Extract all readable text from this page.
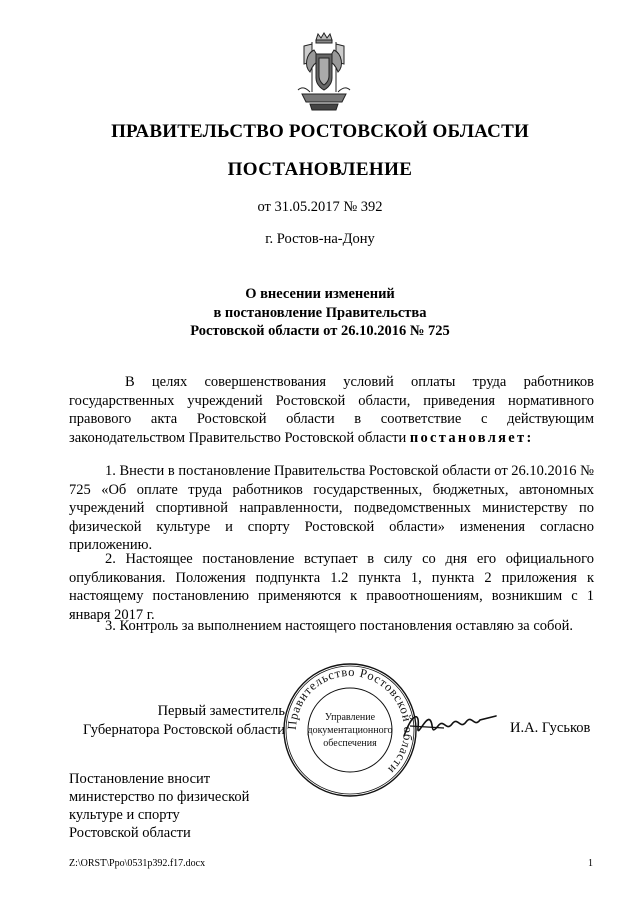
ПРАВИТЕЛЬСТВО РОСТОВСКОЙ ОБЛАСТИ
ПОСТАНОВЛЕНИЕ
от 31.05.2017 № 392
г. Ростов-на-Дону
О внесении изменений
в постановление Правительства
Ростовской области от 26.10.2016 № 725
В целях совершенствования условий оплаты труда работников государственных учреждений Ростовской области, приведения нормативного правового акта Ростовской области в соответствие с действующим законодательством Правительство Ростовской области постановляет:
1. Внести в постановление Правительства Ростовской области от 26.10.2016 № 725 «Об оплате труда работников государственных, бюджетных, автономных учреждений спортивной направленности, подведомственных министерству по физической культуре и спорту Ростовской области» изменения согласно приложению.
2. Настоящее постановление вступает в силу со дня его официального опубликования. Положения подпункта 1.2 пункта 1, пункта 2 приложения к настоящему постановлению применяются к правоотношениям, возникшим с 1 января 2017 г.
3. Контроль за выполнением настоящего постановления оставляю за собой.
Первый заместитель
Губернатора Ростовской области Правительство Ростовской области
Управление
документационного
обеспечения
И.А. Гуськов
Постановление вносит
министерство по физической
культуре и спорту
Ростовской области
Z:\ORST\Ppo\0531p392.f17.docx	1
